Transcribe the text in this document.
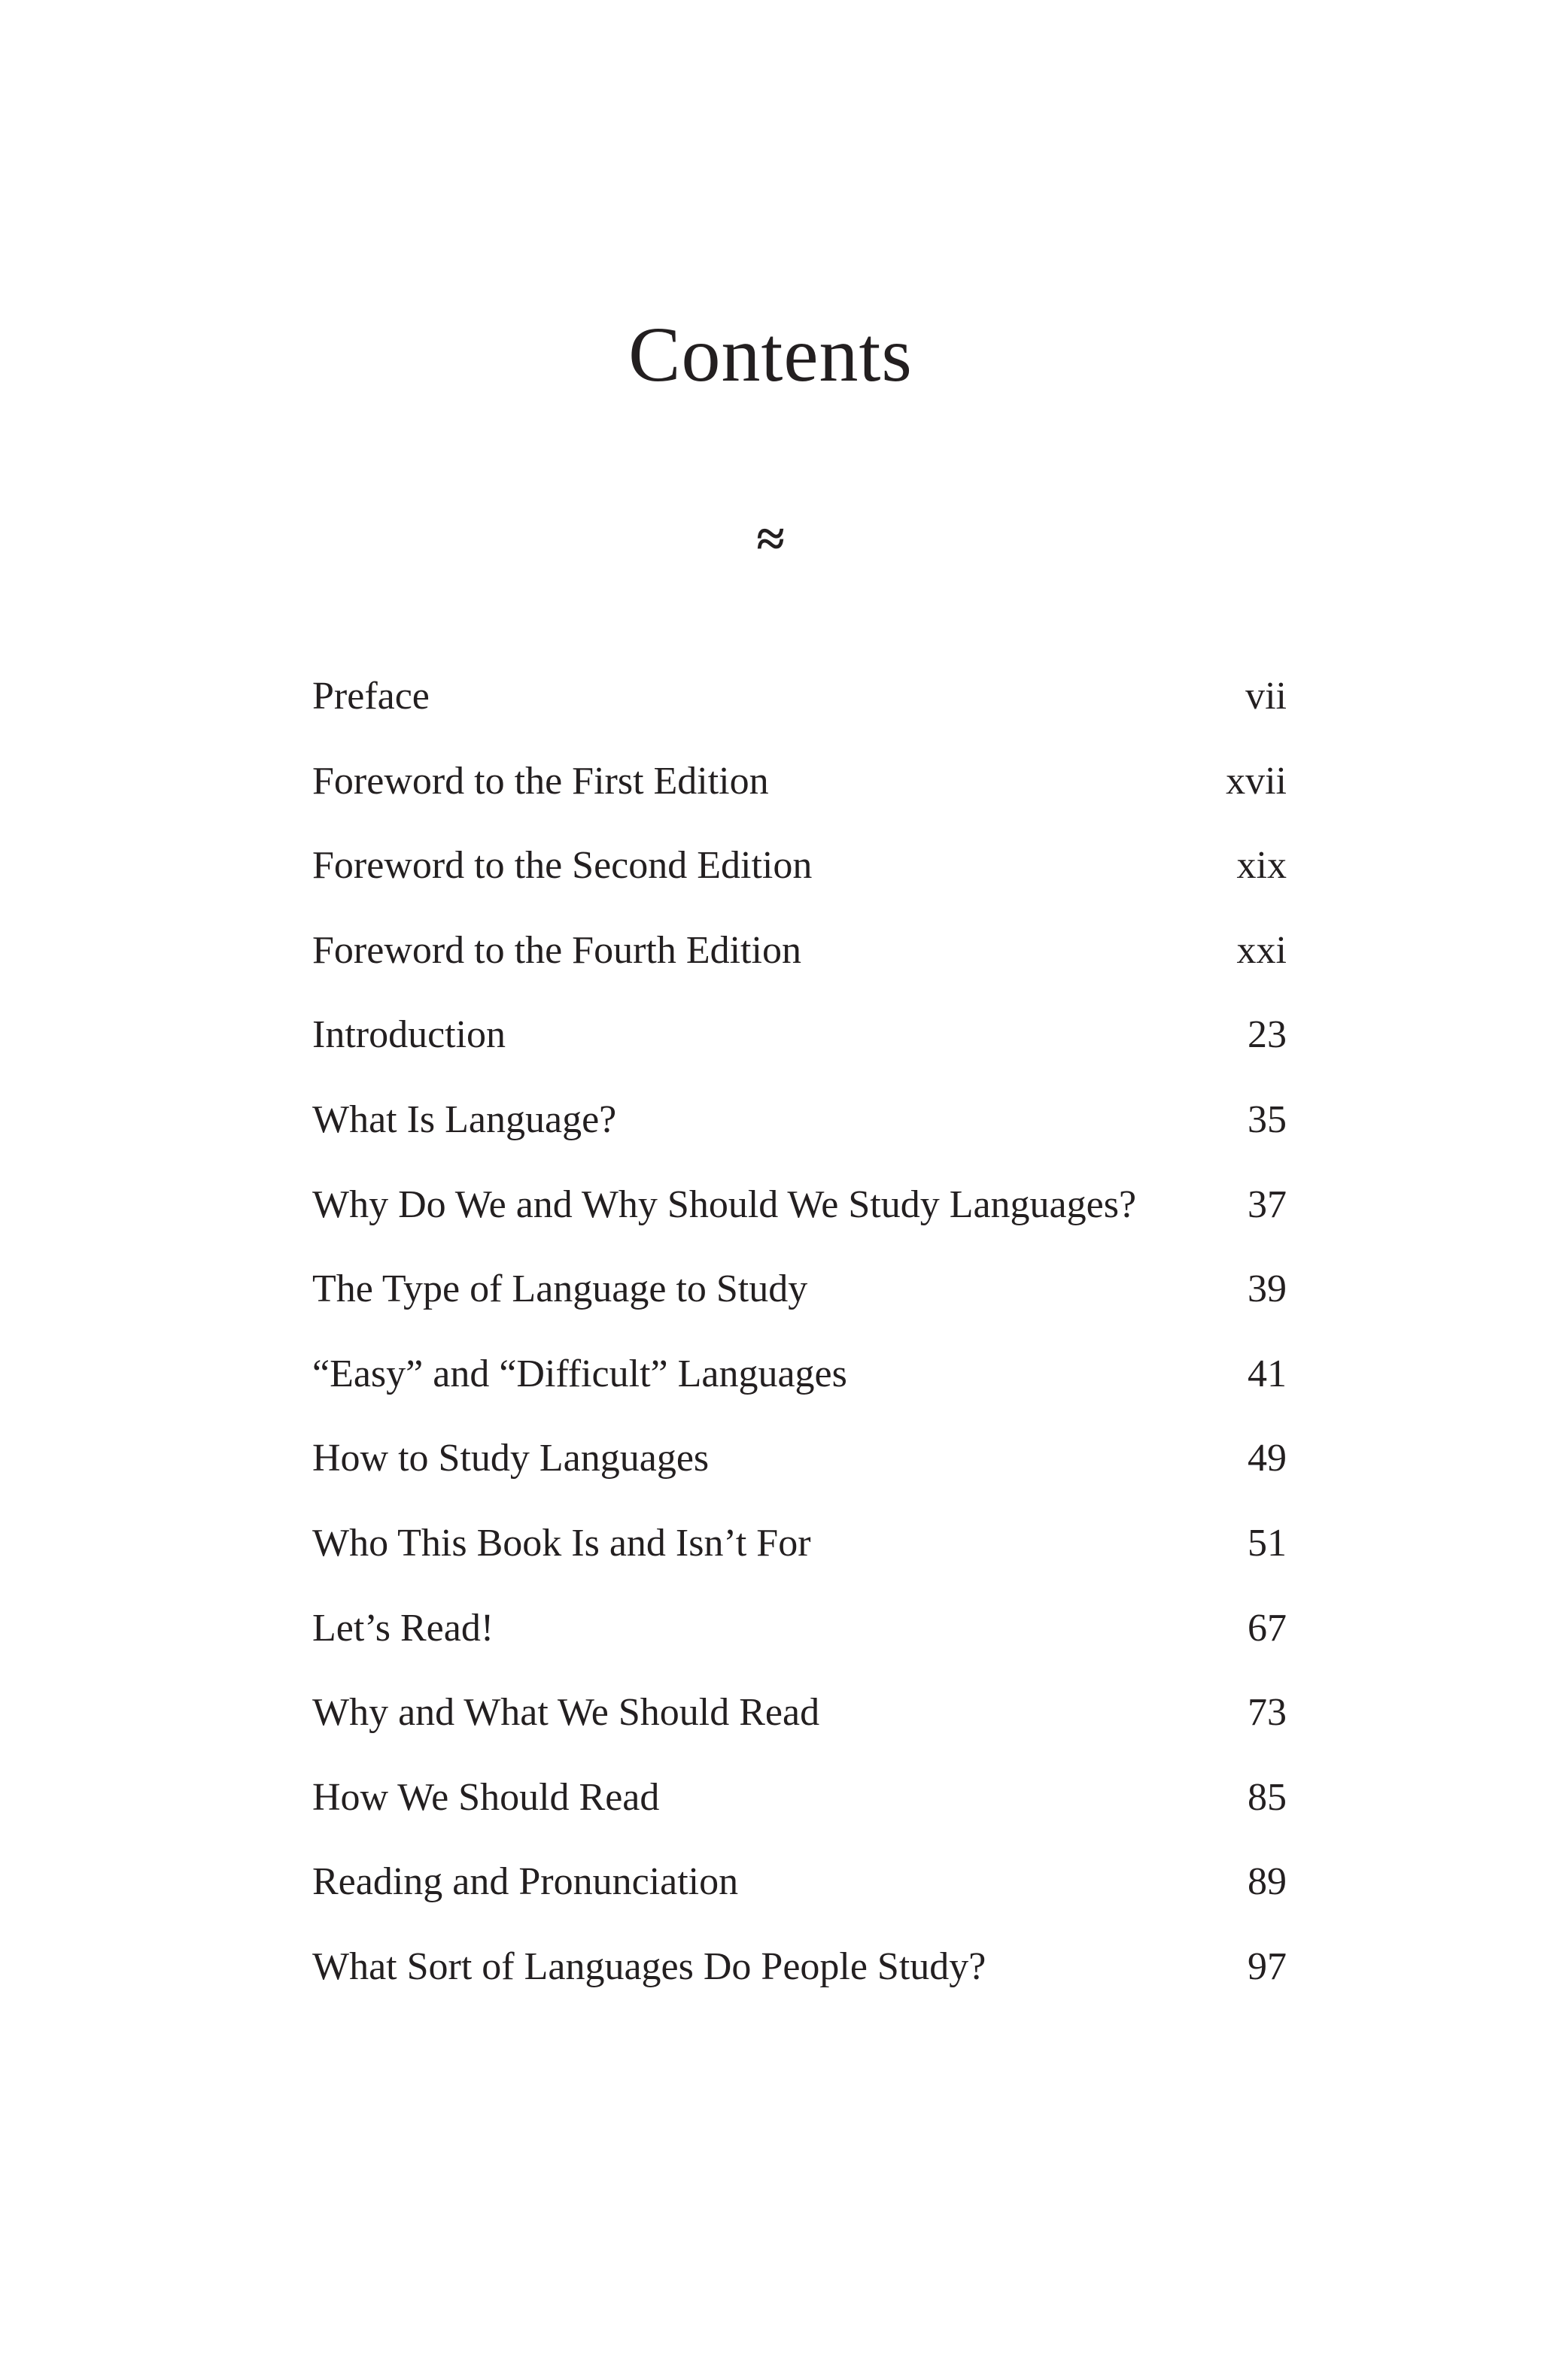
Contents
≈
Preface	vii
Foreword to the First Edition	xvii
Foreword to the Second Edition	xix
Foreword to the Fourth Edition	xxi
Introduction	23
What Is Language?	35
Why Do We and Why Should We Study Languages?	37
The Type of Language to Study	39
“Easy” and “Difficult” Languages	41
How to Study Languages	49
Who This Book Is and Isn’t For	51
Let’s Read!	67
Why and What We Should Read	73
How We Should Read	85
Reading and Pronunciation	89
What Sort of Languages Do People Study?	97
